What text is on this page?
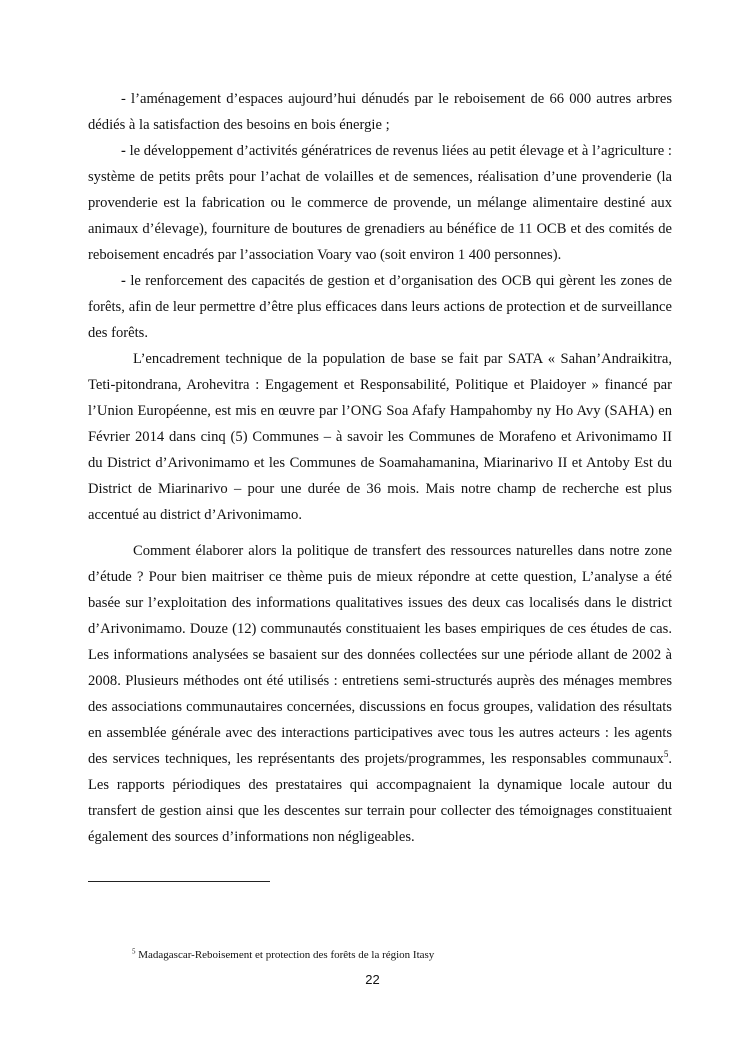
- l’aménagement d’espaces aujourd’hui dénudés par le reboisement de 66 000 autres arbres dédiés à la satisfaction des besoins en bois énergie ;

- le développement d’activités génératrices de revenus liées au petit élevage et à l’agriculture : système de petits prêts pour l’achat de volailles et de semences, réalisation d’une provenderie (la provenderie est la fabrication ou le commerce de provende, un mélange alimentaire destiné aux animaux d’élevage), fourniture de boutures de grenadiers au bénéfice de 11 OCB et des comités de reboisement encadrés par l’association Voary vao (soit environ 1 400 personnes).

- le renforcement des capacités de gestion et d’organisation des OCB qui gèrent les zones de forêts, afin de leur permettre d’être plus efficaces dans leurs actions de protection et de surveillance des forêts.

L’encadrement technique de la population de base se fait par SATA « Sahan’Andraikitra, Teti-pitondrana, Arohevitra : Engagement et Responsabilité, Politique et Plaidoyer » financé par l’Union Européenne, est mis en œuvre par l’ONG Soa Afafy Hampahomby ny Ho Avy (SAHA) en Février 2014 dans cinq (5) Communes – à savoir les Communes de Morafeno et Arivonimamo II du District d’Arivonimamo et les Communes de Soamahamanina, Miarinarivo II et Antoby Est du District de Miarinarivo – pour une durée de 36 mois. Mais notre champ de recherche est plus accentué au district d’Arivonimamo.

Comment élaborer alors la politique de transfert des ressources naturelles dans notre zone d’étude ? Pour bien maitriser ce thème puis de mieux répondre at cette question, L’analyse a été basée sur l’exploitation des informations qualitatives issues des deux cas localisés dans le district d’Arivonimamo. Douze (12) communautés constituaient les bases empiriques de ces études de cas. Les informations analysées se basaient sur des données collectées sur une période allant de 2002 à 2008. Plusieurs méthodes ont été utilisés : entretiens semi-structurés auprès des ménages membres des associations communautaires concernées, discussions en focus groupes, validation des résultats en assemblée générale avec des interactions participatives avec tous les autres acteurs : les agents des services techniques, les représentants des projets/programmes, les responsables communaux$^5$. Les rapports périodiques des prestataires qui accompagnaient la dynamique locale autour du transfert de gestion ainsi que les descentes sur terrain pour collecter des témoignages constituaient également des sources d’informations non négligeables.

$^5$ Madagascar-Reboisement et protection des forêts de la région Itasy
22
